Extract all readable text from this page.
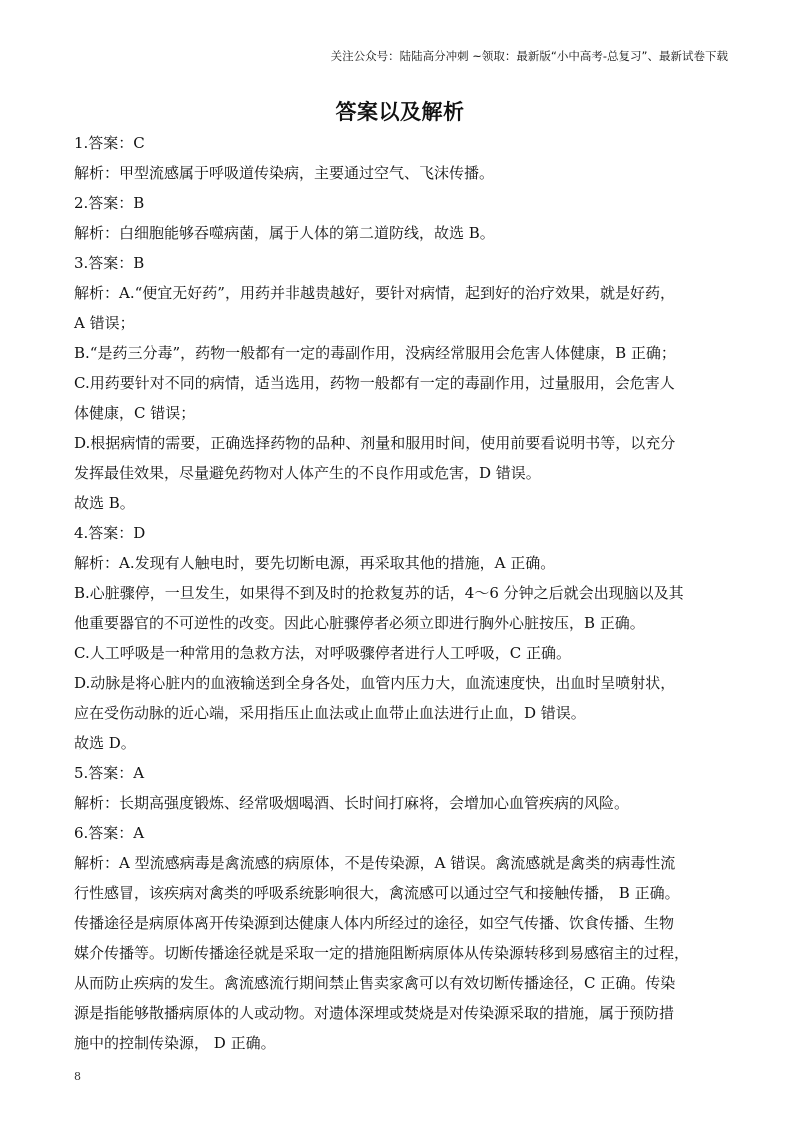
关注公众号：陆陆高分冲刺 ~领取：最新版“小中高考-总复习”、最新试卷下载
答案以及解析
1.答案：C
解析：甲型流感属于呼吸道传染病，主要通过空气、飞沫传播。
2.答案：B
解析：白细胞能够吞噬病菌，属于人体的第二道防线，故选 B。
3.答案：B
解析：A.“便宜无好药”，用药并非越贵越好，要针对病情，起到好的治疗效果，就是好药，
A 错误；
B.“是药三分毒”，药物一般都有一定的毒副作用，没病经常服用会危害人体健康，B 正确；
C.用药要针对不同的病情，适当选用，药物一般都有一定的毒副作用，过量服用，会危害人
体健康，C 错误；
D.根据病情的需要，正确选择药物的品种、剂量和服用时间，使用前要看说明书等，以充分
发挥最佳效果，尽量避免药物对人体产生的不良作用或危害，D 错误。
故选 B。
4.答案：D
解析：A.发现有人触电时，要先切断电源，再采取其他的措施，A 正确。
B.心脏骤停，一旦发生，如果得不到及时的抢救复苏的话，4～6 分钟之后就会出现脑以及其
他重要器官的不可逆性的改变。因此心脏骤停者必须立即进行胸外心脏按压，B 正确。
C.人工呼吸是一种常用的急救方法，对呼吸骤停者进行人工呼吸，C 正确。
D.动脉是将心脏内的血液输送到全身各处，血管内压力大，血流速度快，出血时呈喷射状，
应在受伤动脉的近心端，采用指压止血法或止血带止血法进行止血，D 错误。
故选 D。
5.答案：A
解析：长期高强度锻炼、经常吸烟喝酒、长时间打麻将，会增加心血管疾病的风险。
6.答案：A
解析：A 型流感病毒是禽流感的病原体，不是传染源，A 错误。禽流感就是禽类的病毒性流
行性感冒，该疾病对禽类的呼吸系统影响很大，禽流感可以通过空气和接触传播， B 正确。
传播途径是病原体离开传染源到达健康人体内所经过的途径，如空气传播、饮食传播、生物
媒介传播等。切断传播途径就是采取一定的措施阻断病原体从传染源转移到易感宿主的过程，
从而防止疾病的发生。禽流感流行期间禁止售卖家禽可以有效切断传播途径，C 正确。传染
源是指能够散播病原体的人或动物。对遗体深埋或焚烧是对传染源采取的措施，属于预防措
施中的控制传染源， D 正确。
8
